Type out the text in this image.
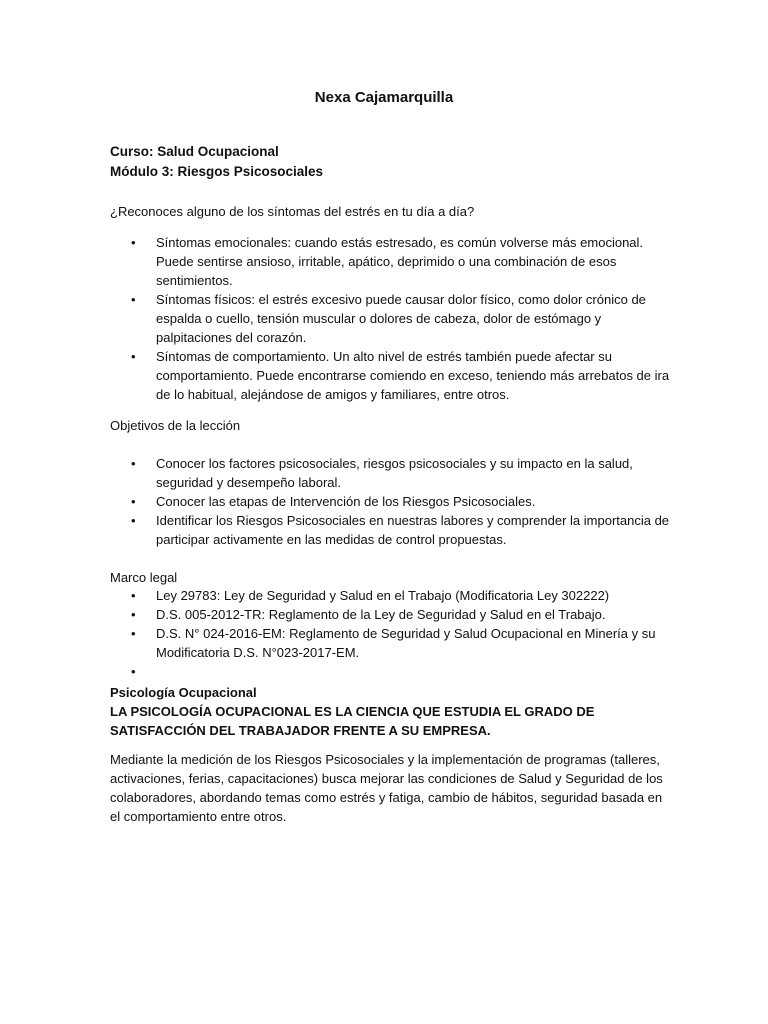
Nexa Cajamarquilla
Curso: Salud Ocupacional
Módulo 3: Riesgos Psicosociales
¿Reconoces alguno de los síntomas del estrés en tu día a día?
• Síntomas emocionales: cuando estás estresado, es común volverse más emocional. Puede sentirse ansioso, irritable, apático, deprimido o una combinación de esos sentimientos.
• Síntomas físicos: el estrés excesivo puede causar dolor físico, como dolor crónico de espalda o cuello, tensión muscular o dolores de cabeza, dolor de estómago y palpitaciones del corazón.
• Síntomas de comportamiento. Un alto nivel de estrés también puede afectar su comportamiento. Puede encontrarse comiendo en exceso, teniendo más arrebatos de ira de lo habitual, alejándose de amigos y familiares, entre otros.
Objetivos de la lección
• Conocer los factores psicosociales, riesgos psicosociales y su impacto en la salud, seguridad y desempeño laboral.
• Conocer las etapas de Intervención de los Riesgos Psicosociales.
• Identificar los Riesgos Psicosociales en nuestras labores y comprender la importancia de participar activamente en las medidas de control propuestas.
Marco legal
• Ley 29783: Ley de Seguridad y Salud en el Trabajo (Modificatoria Ley 302222)
• D.S. 005-2012-TR: Reglamento de la Ley de Seguridad y Salud en el Trabajo.
• D.S. N° 024-2016-EM: Reglamento de Seguridad y Salud Ocupacional en Minería y su Modificatoria D.S. N°023-2017-EM.
•
Psicología Ocupacional
LA PSICOLOGÍA OCUPACIONAL ES LA CIENCIA QUE ESTUDIA EL GRADO DE SATISFACCIÓN DEL TRABAJADOR FRENTE A SU EMPRESA.
Mediante la medición de los Riesgos Psicosociales y la implementación de programas (talleres, activaciones, ferias, capacitaciones) busca mejorar las condiciones de Salud y Seguridad de los colaboradores, abordando temas como estrés y fatiga, cambio de hábitos, seguridad basada en el comportamiento entre otros.
